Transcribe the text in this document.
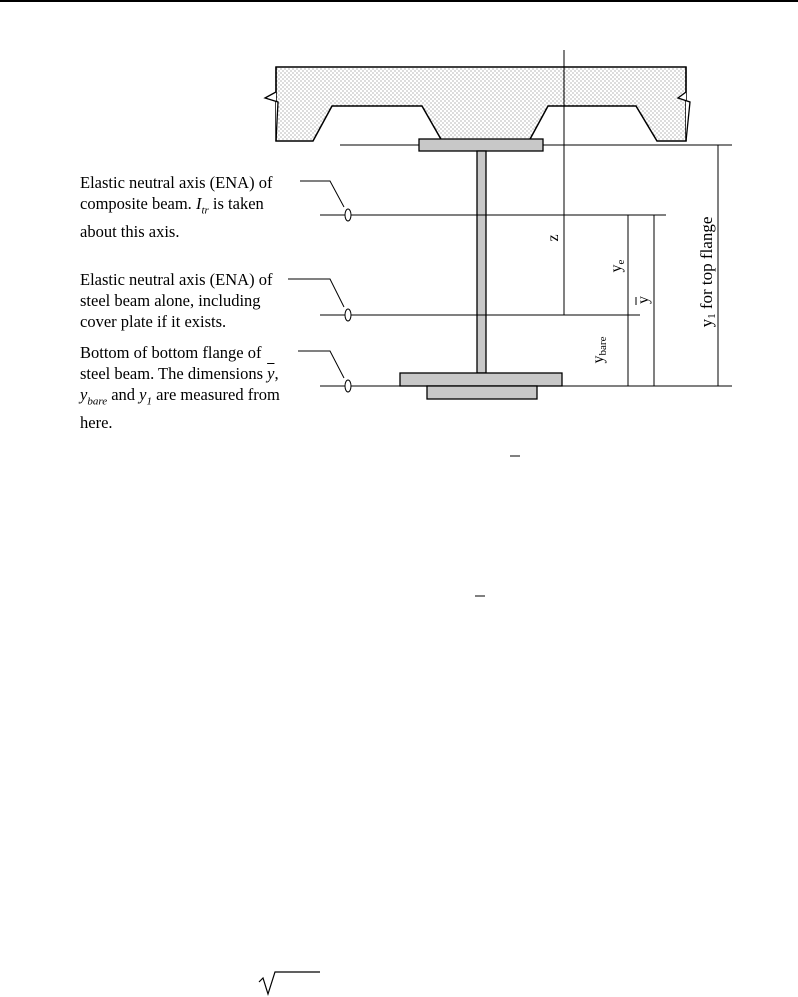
z
ye
y
ybare
y1 for top flange
Elastic neutral axis (ENA) of
composite beam. $I_{tr}$ is taken
about this axis.
Elastic neutral axis (ENA) of
steel beam alone, including
cover plate if it exists.
Bottom of bottom flange of
steel beam. The dimensions $\overline{y}$,
$y_{bare}$ and $y_1$ are measured from
here.
